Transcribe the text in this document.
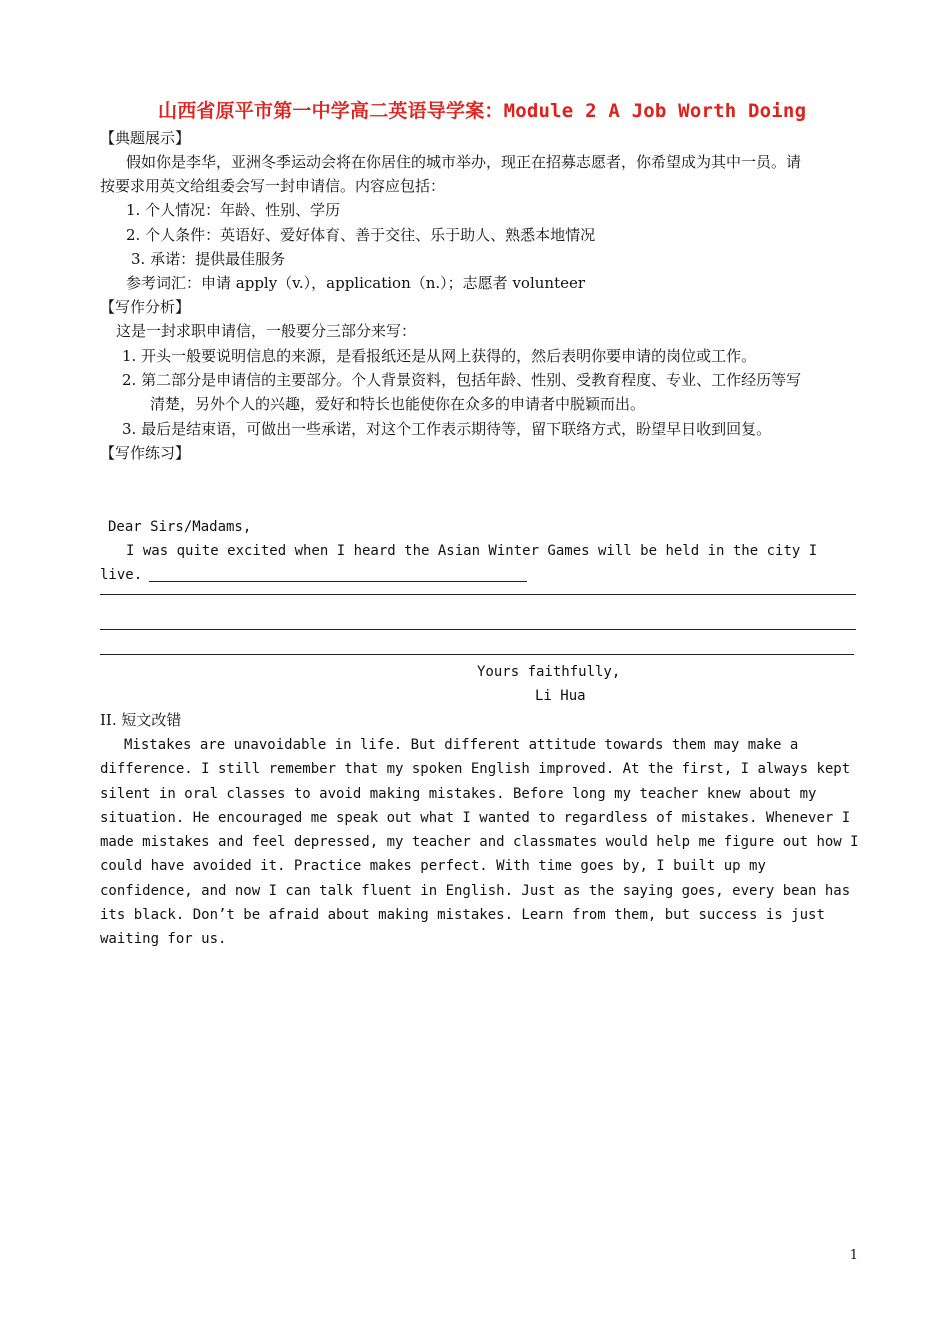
山西省原平市第一中学高二英语导学案：Module 2 A Job Worth Doing
【典题展示】
假如你是李华，亚洲冬季运动会将在你居住的城市举办，现正在招募志愿者，你希望成为其中一员。请
按要求用英文给组委会写一封申请信。内容应包括：
1. 个人情况：年龄、性别、学历
2. 个人条件：英语好、爱好体育、善于交往、乐于助人、熟悉本地情况
3. 承诺：提供最佳服务
参考词汇：申请 apply（v.），application（n.）；志愿者 volunteer
【写作分析】
这是一封求职申请信，一般要分三部分来写：
1. 开头一般要说明信息的来源，是看报纸还是从网上获得的，然后表明你要申请的岗位或工作。
2. 第二部分是申请信的主要部分。个人背景资料，包括年龄、性别、受教育程度、专业、工作经历等写
清楚，另外个人的兴趣，爱好和特长也能使你在众多的申请者中脱颖而出。
3. 最后是结束语，可做出一些承诺，对这个工作表示期待等，留下联络方式，盼望早日收到回复。
【写作练习】
Dear Sirs/Madams,
I was quite excited when I heard the Asian Winter Games will be held in the city I
live.
Yours faithfully,
Li Hua
II. 短文改错
Mistakes are unavoidable in life. But different attitude towards them may make a
difference. I still remember that my spoken English improved. At the first, I always kept
silent in oral classes to avoid making mistakes. Before long my teacher knew about my
situation. He encouraged me speak out what I wanted to regardless of mistakes. Whenever I
made mistakes and feel depressed, my teacher and classmates would help me figure out how I
could have avoided it. Practice makes perfect. With time goes by, I built up my
confidence, and now I can talk fluent in English. Just as the saying goes, every bean has
its black. Don’t be afraid about making mistakes. Learn from them, but success is just
waiting for us.
1
